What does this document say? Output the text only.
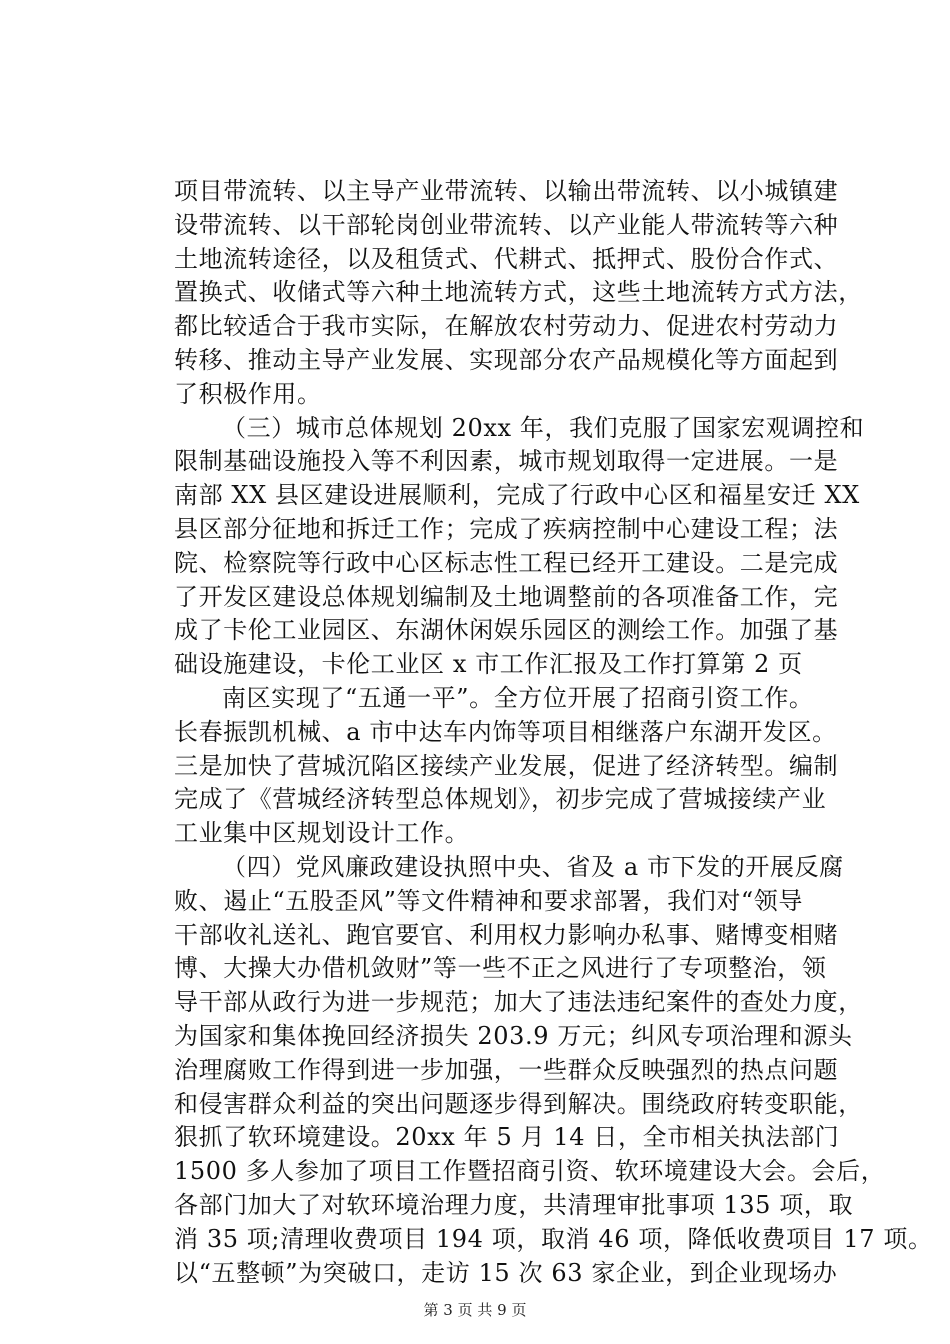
项目带流转、以主导产业带流转、以输出带流转、以小城镇建
设带流转、以干部轮岗创业带流转、以产业能人带流转等六种
土地流转途径，以及租赁式、代耕式、抵押式、股份合作式、
置换式、收储式等六种土地流转方式，这些土地流转方式方法，
都比较适合于我市实际，在解放农村劳动力、促进农村劳动力
转移、推动主导产业发展、实现部分农产品规模化等方面起到
了积极作用。
（三）城市总体规划 20xx 年，我们克服了国家宏观调控和
限制基础设施投入等不利因素，城市规划取得一定进展。一是
南部 XX 县区建设进展顺利，完成了行政中心区和福星安迁 XX
县区部分征地和拆迁工作；完成了疾病控制中心建设工程；法
院、检察院等行政中心区标志性工程已经开工建设。二是完成
了开发区建设总体规划编制及土地调整前的各项准备工作，完
成了卡伦工业园区、东湖休闲娱乐园区的测绘工作。加强了基
础设施建设，卡伦工业区 x 市工作汇报及工作打算第 2 页
南区实现了“五通一平”。全方位开展了招商引资工作。
长春振凯机械、a 市中达车内饰等项目相继落户东湖开发区。
三是加快了营城沉陷区接续产业发展，促进了经济转型。编制
完成了《营城经济转型总体规划》，初步完成了营城接续产业
工业集中区规划设计工作。
（四）党风廉政建设执照中央、省及 a 市下发的开展反腐
败、遏止“五股歪风”等文件精神和要求部署，我们对“领导
干部收礼送礼、跑官要官、利用权力影响办私事、赌博变相赌
博、大操大办借机敛财”等一些不正之风进行了专项整治，领
导干部从政行为进一步规范；加大了违法违纪案件的查处力度，
为国家和集体挽回经济损失 203.9 万元；纠风专项治理和源头
治理腐败工作得到进一步加强，一些群众反映强烈的热点问题
和侵害群众利益的突出问题逐步得到解决。围绕政府转变职能，
狠抓了软环境建设。20xx 年 5 月 14 日，全市相关执法部门
1500 多人参加了项目工作暨招商引资、软环境建设大会。会后，
各部门加大了对软环境治理力度，共清理审批事项 135 项，取
消 35 项;清理收费项目 194 项，取消 46 项，降低收费项目 17 项。
以“五整顿”为突破口，走访 15 次 63 家企业，到企业现场办
第 3 页 共 9 页
